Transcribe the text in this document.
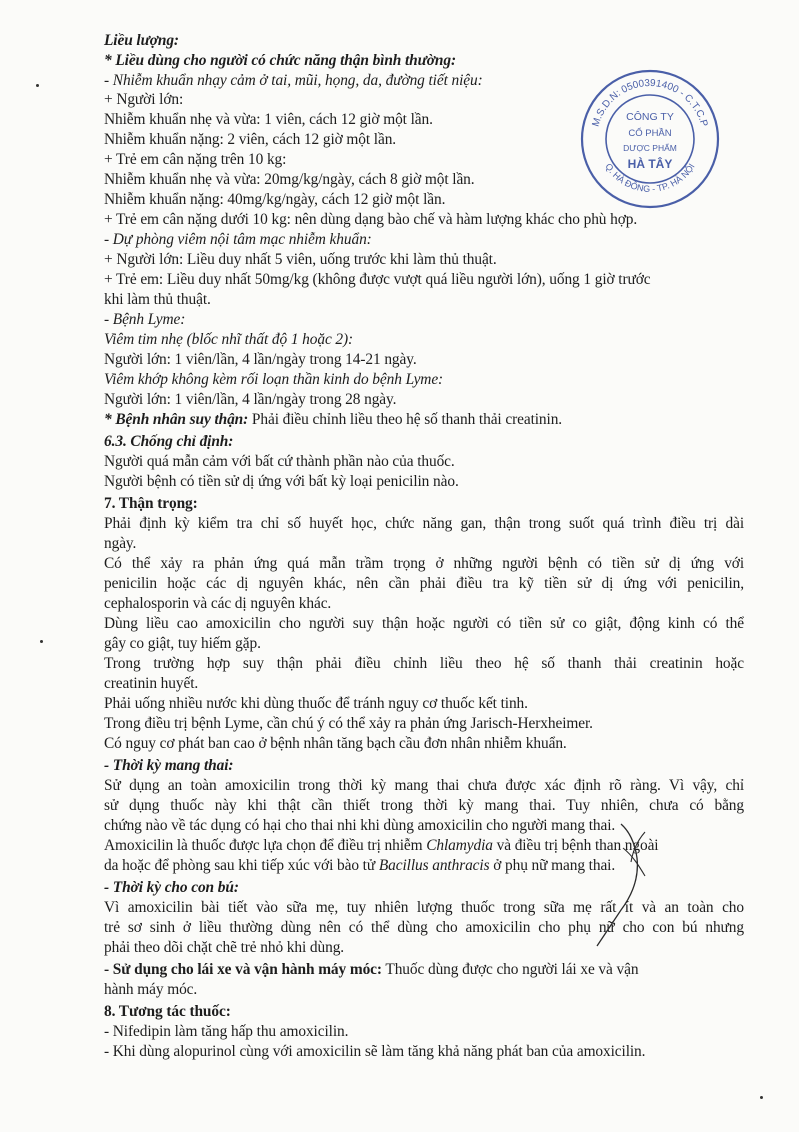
Liều lượng:
* Liều dùng cho người có chức năng thận bình thường:
- Nhiễm khuẩn nhạy cảm ở tai, mũi, họng, da, đường tiết niệu:
+ Người lớn:
Nhiễm khuẩn nhẹ và vừa: 1 viên, cách 12 giờ một lần.
Nhiễm khuẩn nặng: 2 viên, cách 12 giờ một lần.
+ Trẻ em cân nặng trên 10 kg:
Nhiễm khuẩn nhẹ và vừa: 20mg/kg/ngày, cách 8 giờ một lần.
Nhiễm khuẩn nặng: 40mg/kg/ngày, cách 12 giờ một lần.
+ Trẻ em cân nặng dưới 10 kg: nên dùng dạng bào chế và hàm lượng khác cho phù hợp.
- Dự phòng viêm nội tâm mạc nhiễm khuẩn:
+ Người lớn: Liều duy nhất 5 viên, uống trước khi làm thủ thuật.
+ Trẻ em: Liều duy nhất 50mg/kg (không được vượt quá liều người lớn), uống 1 giờ trước
khi làm thủ thuật.
- Bệnh Lyme:
Viêm tim nhẹ (blốc nhĩ thất độ 1 hoặc 2):
Người lớn: 1 viên/lần, 4 lần/ngày trong 14-21 ngày.
Viêm khớp không kèm rối loạn thần kinh do bệnh Lyme:
Người lớn: 1 viên/lần, 4 lần/ngày trong 28 ngày.
* Bệnh nhân suy thận: Phải điều chỉnh liều theo hệ số thanh thải creatinin.
6.3. Chống chỉ định:
Người quá mẫn cảm với bất cứ thành phần nào của thuốc.
Người bệnh có tiền sử dị ứng với bất kỳ loại penicilin nào.
7. Thận trọng:
Phải định kỳ kiểm tra chỉ số huyết học, chức năng gan, thận trong suốt quá trình điều trị dài
ngày.
Có thể xảy ra phản ứng quá mẫn trầm trọng ở những người bệnh có tiền sử dị ứng với
penicilin hoặc các dị nguyên khác, nên cần phải điều tra kỹ tiền sử dị ứng với penicilin,
cephalosporin và các dị nguyên khác.
Dùng liều cao amoxicilin cho người suy thận hoặc người có tiền sử co giật, động kinh có thể
gây co giật, tuy hiếm gặp.
Trong trường hợp suy thận phải điều chỉnh liều theo hệ số thanh thải creatinin hoặc
creatinin huyết.
Phải uống nhiều nước khi dùng thuốc để tránh nguy cơ thuốc kết tinh.
Trong điều trị bệnh Lyme, cần chú ý có thể xảy ra phản ứng Jarisch-Herxheimer.
Có nguy cơ phát ban cao ở bệnh nhân tăng bạch cầu đơn nhân nhiễm khuẩn.
- Thời kỳ mang thai:
Sử dụng an toàn amoxicilin trong thời kỳ mang thai chưa được xác định rõ ràng. Vì vậy, chỉ
sử dụng thuốc này khi thật cần thiết trong thời kỳ mang thai. Tuy nhiên, chưa có bằng
chứng nào về tác dụng có hại cho thai nhi khi dùng amoxicilin cho người mang thai.
Amoxicilin là thuốc được lựa chọn để điều trị nhiễm Chlamydia và điều trị bệnh than ngoài
da hoặc để phòng sau khi tiếp xúc với bào tử Bacillus anthracis ở phụ nữ mang thai.
- Thời kỳ cho con bú:
Vì amoxicilin bài tiết vào sữa mẹ, tuy nhiên lượng thuốc trong sữa mẹ rất ít và an toàn cho
trẻ sơ sinh ở liều thường dùng nên có thể dùng cho amoxicilin cho phụ nữ cho con bú nhưng
phải theo dõi chặt chẽ trẻ nhỏ khi dùng.
- Sử dụng cho lái xe và vận hành máy móc: Thuốc dùng được cho người lái xe và vận
hành máy móc.
8. Tương tác thuốc:
- Nifedipin làm tăng hấp thu amoxicilin.
- Khi dùng alopurinol cùng với amoxicilin sẽ làm tăng khả năng phát ban của amoxicilin.
M.S.D.N: 0500391400 - C.T.C.P
Q. HÀ ĐÔNG - TP. HÀ NỘI
CÔNG TY
CỔ PHẦN
DƯỢC PHẨM
HÀ TÂY
